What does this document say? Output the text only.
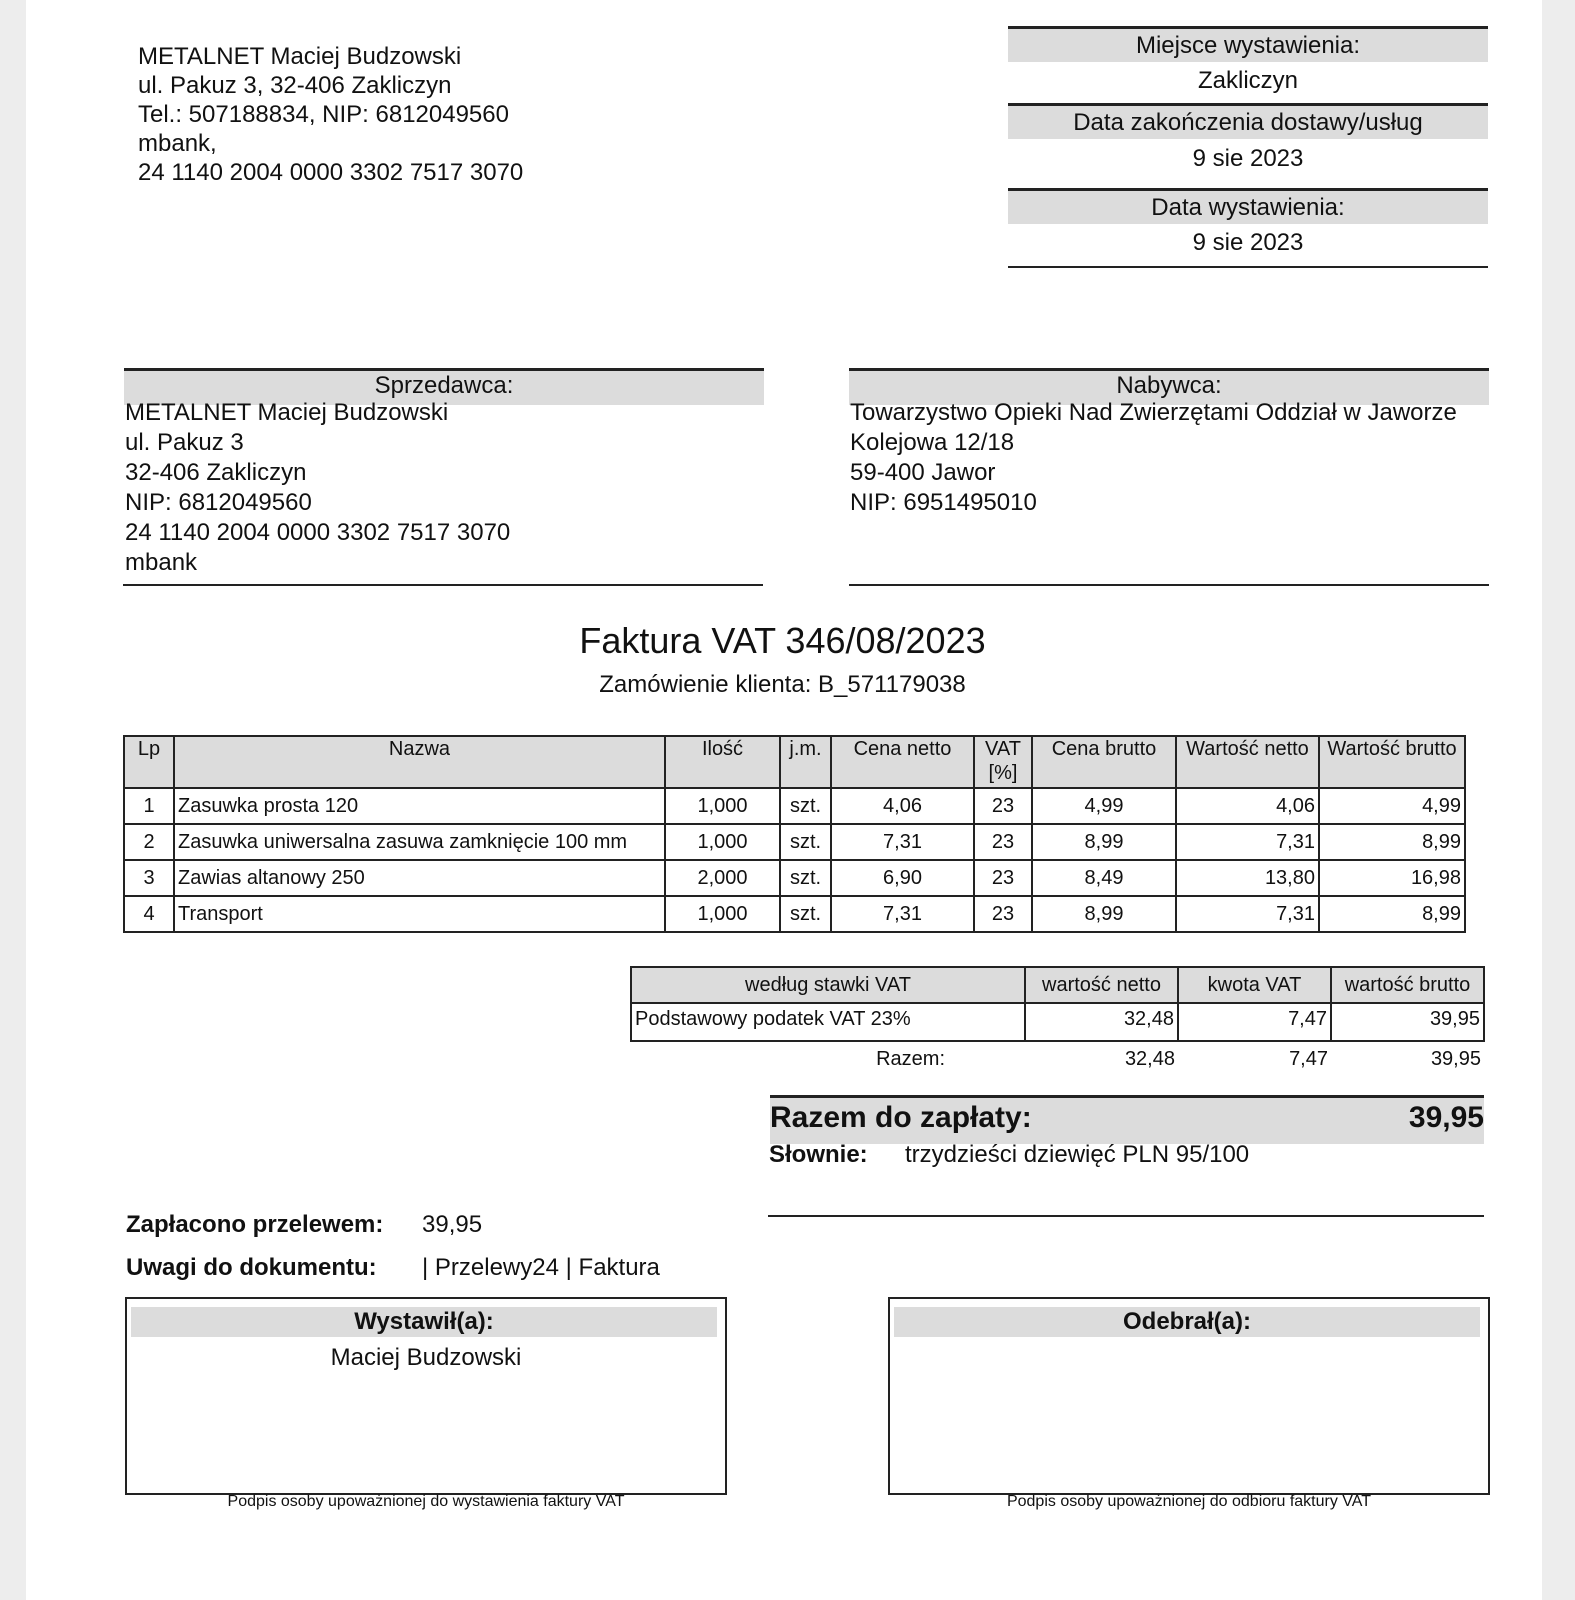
METALNET Maciej Budzowski
ul. Pakuz 3, 32-406 Zakliczyn
Tel.: 507188834, NIP: 6812049560
mbank,
24 1140 2004 0000 3302 7517 3070
Miejsce wystawienia:
Zakliczyn
Data zakończenia dostawy/usług
9 sie 2023
Data wystawienia:
9 sie 2023
Sprzedawca:
METALNET Maciej Budzowski
ul. Pakuz 3
32-406 Zakliczyn
NIP: 6812049560
24 1140 2004 0000 3302 7517 3070
mbank
Nabywca:
Towarzystwo Opieki Nad Zwierzętami Oddział w Jaworze
Kolejowa 12/18
59-400 Jawor
NIP: 6951495010
Faktura VAT 346/08/2023
Zamówienie klienta: B_571179038
Lp	Nazwa	Ilość	j.m.	Cena netto	VAT
[%]	Cena brutto	Wartość netto	Wartość brutto
1	Zasuwka prosta 120	1,000	szt.	4,06	23	4,99	4,06	4,99
2	Zasuwka uniwersalna zasuwa zamknięcie 100 mm	1,000	szt.	7,31	23	8,99	7,31	8,99
3	Zawias altanowy 250	2,000	szt.	6,90	23	8,49	13,80	16,98
4	Transport	1,000	szt.	7,31	23	8,99	7,31	8,99
według stawki VAT	wartość netto	kwota VAT	wartość brutto
Podstawowy podatek VAT 23%	32,48	7,47	39,95
Razem:	32,48	7,47	39,95
Razem do zapłaty:	39,95
Słownie: trzydzieści dziewięć PLN 95/100
Zapłacono przelewem: 39,95
Uwagi do dokumentu: | Przelewy24 | Faktura
Wystawił(a):
Maciej Budzowski
Podpis osoby upoważnionej do wystawienia faktury VAT
Odebrał(a):
Podpis osoby upoważnionej do odbioru faktury VAT
